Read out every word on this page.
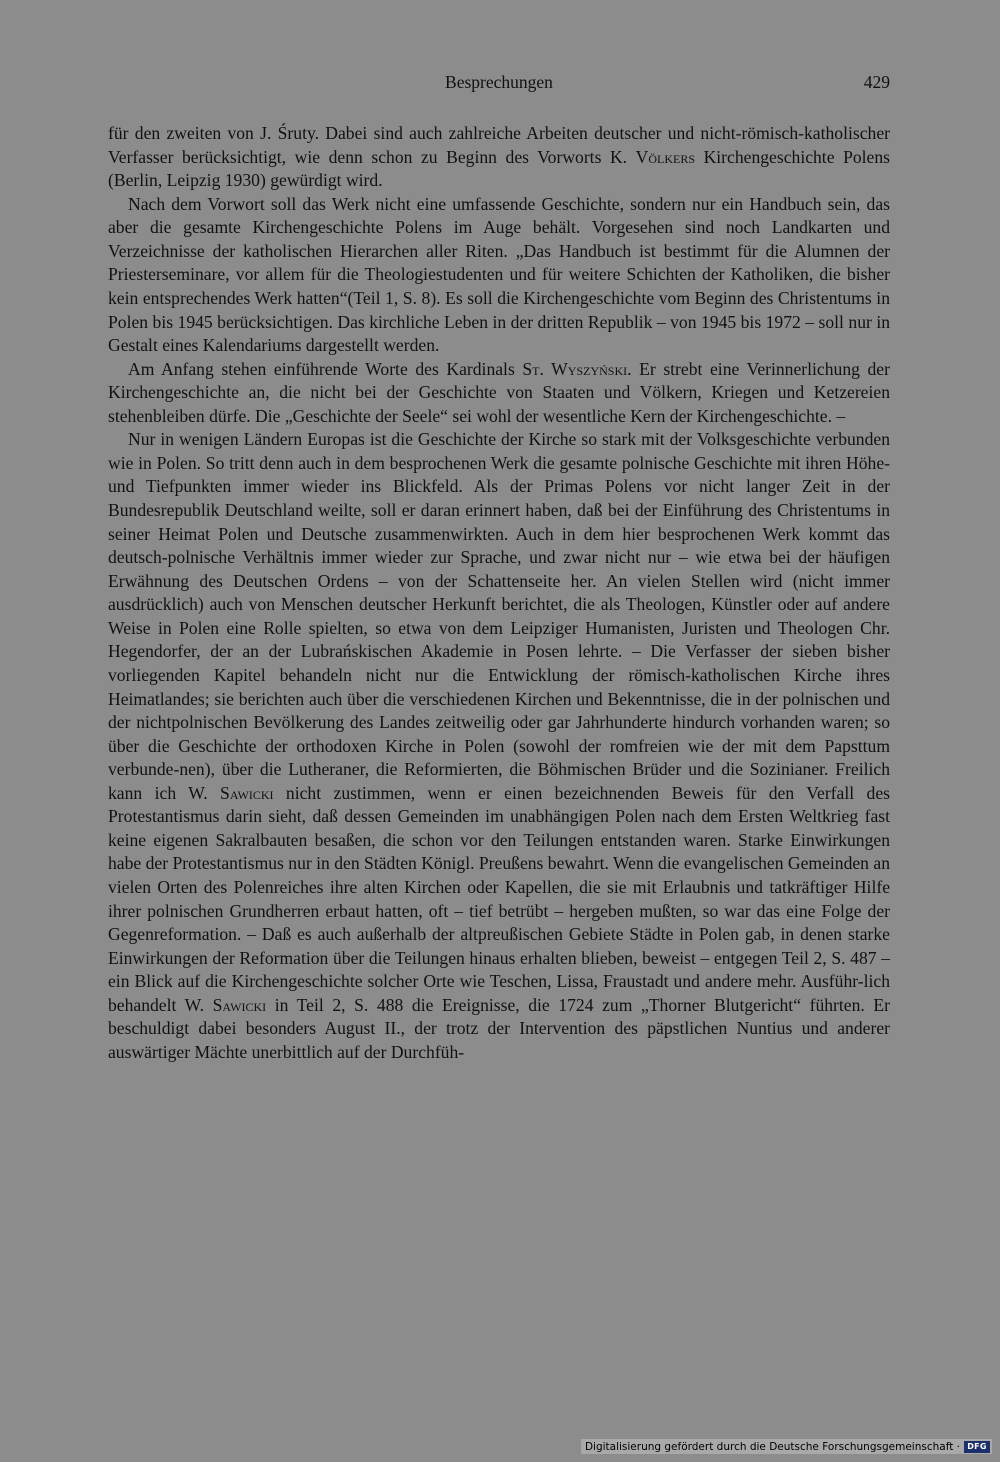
Besprechungen	429

für den zweiten von J. Śruty. Dabei sind auch zahlreiche Arbeiten deutscher und nicht-römisch-katholischer Verfasser berücksichtigt, wie denn schon zu Beginn des Vorworts K. Völkers Kirchengeschichte Polens (Berlin, Leipzig 1930) gewürdigt wird.

Nach dem Vorwort soll das Werk nicht eine umfassende Geschichte, sondern nur ein Handbuch sein, das aber die gesamte Kirchengeschichte Polens im Auge behält. Vorgesehen sind noch Landkarten und Verzeichnisse der katholischen Hierarchen aller Riten. „Das Handbuch ist bestimmt für die Alumnen der Priesterseminare, vor allem für die Theologiestudenten und für weitere Schichten der Katholiken, die bisher kein entsprechendes Werk hatten“(Teil 1, S. 8). Es soll die Kirchengeschichte vom Beginn des Christentums in Polen bis 1945 berücksichtigen. Das kirchliche Leben in der dritten Republik – von 1945 bis 1972 – soll nur in Gestalt eines Kalendariums dargestellt werden.

Am Anfang stehen einführende Worte des Kardinals St. Wyszyński. Er strebt eine Verinnerlichung der Kirchengeschichte an, die nicht bei der Geschichte von Staaten und Völkern, Kriegen und Ketzereien stehenbleiben dürfe. Die „Geschichte der Seele“ sei wohl der wesentliche Kern der Kirchengeschichte. –

Nur in wenigen Ländern Europas ist die Geschichte der Kirche so stark mit der Volksgeschichte verbunden wie in Polen. So tritt denn auch in dem besprochenen Werk die gesamte polnische Geschichte mit ihren Höhe- und Tiefpunkten immer wieder ins Blickfeld. Als der Primas Polens vor nicht langer Zeit in der Bundesrepublik Deutschland weilte, soll er daran erinnert haben, daß bei der Einführung des Christentums in seiner Heimat Polen und Deutsche zusammenwirkten. Auch in dem hier besprochenen Werk kommt das deutsch-polnische Verhältnis immer wieder zur Sprache, und zwar nicht nur – wie etwa bei der häufigen Erwähnung des Deutschen Ordens – von der Schattenseite her. An vielen Stellen wird (nicht immer ausdrücklich) auch von Menschen deutscher Herkunft berichtet, die als Theologen, Künstler oder auf andere Weise in Polen eine Rolle spielten, so etwa von dem Leipziger Humanisten, Juristen und Theologen Chr. Hegendorfer, der an der Lubrańskischen Akademie in Posen lehrte. – Die Verfasser der sieben bisher vorliegenden Kapitel behandeln nicht nur die Entwicklung der römisch-katholischen Kirche ihres Heimatlandes; sie berichten auch über die verschiedenen Kirchen und Bekenntnisse, die in der polnischen und der nichtpolnischen Bevölkerung des Landes zeitweilig oder gar Jahrhunderte hindurch vorhanden waren; so über die Geschichte der orthodoxen Kirche in Polen (sowohl der romfreien wie der mit dem Papsttum verbunde-nen), über die Lutheraner, die Reformierten, die Böhmischen Brüder und die Sozinianer. Freilich kann ich W. Sawicki nicht zustimmen, wenn er einen bezeichnenden Beweis für den Verfall des Protestantismus darin sieht, daß dessen Gemeinden im unabhängigen Polen nach dem Ersten Weltkrieg fast keine eigenen Sakralbauten besaßen, die schon vor den Teilungen entstanden waren. Starke Einwirkungen habe der Protestantismus nur in den Städten Königl. Preußens bewahrt. Wenn die evangelischen Gemeinden an vielen Orten des Polenreiches ihre alten Kirchen oder Kapellen, die sie mit Erlaubnis und tatkräftiger Hilfe ihrer polnischen Grundherren erbaut hatten, oft – tief betrübt – hergeben mußten, so war das eine Folge der Gegenreformation. – Daß es auch außerhalb der altpreußischen Gebiete Städte in Polen gab, in denen starke Einwirkungen der Reformation über die Teilungen hinaus erhalten blieben, beweist – entgegen Teil 2, S. 487 – ein Blick auf die Kirchengeschichte solcher Orte wie Teschen, Lissa, Fraustadt und andere mehr. Ausführ-lich behandelt W. Sawicki in Teil 2, S. 488 die Ereignisse, die 1724 zum „Thorner Blutgericht“ führten. Er beschuldigt dabei besonders August II., der trotz der Intervention des päpstlichen Nuntius und anderer auswärtiger Mächte unerbittlich auf der Durchfüh-

Digitalisierung gefördert durch die Deutsche Forschungsgemeinschaft · DFG
